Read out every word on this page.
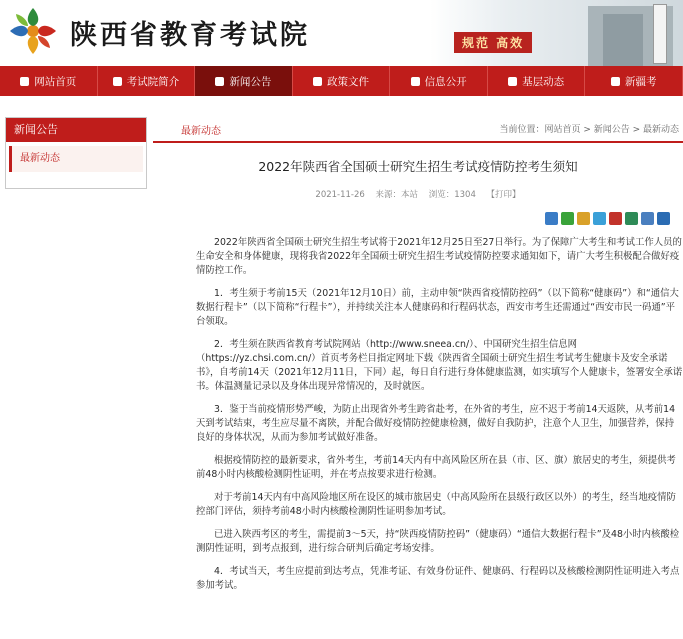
陕西省教育考试院	规范 高效
网站首页	考试院简介	新闻公告	政策文件	信息公开	基层动态	新疆考
新闻公告
最新动态
最新动态	当前位置：网站首页 > 新闻公告 > 最新动态
2022年陕西省全国硕士研究生招生考试疫情防控考生须知
2021-11-26 来源：本站 浏览：1304 【打印】

2022年陕西省全国硕士研究生招生考试将于2021年12月25日至27日举行。为了保障广大考生和考试工作人员的生命安全和身体健康，现将我省2022年全国硕士研究生招生考试疫情防控要求通知如下，请广大考生积极配合做好疫情防控工作。

1．考生须于考前15天（2021年12月10日）前，主动申领“陕西省疫情防控码”（以下简称“健康码”）和“通信大数据行程卡”（以下简称“行程卡”），并持续关注本人健康码和行程码状态，西安市考生还需通过“西安市民一码通”平台领取。

2．考生须在陕西省教育考试院网站（http://www.sneea.cn/）、中国研究生招生信息网（https://yz.chsi.com.cn/）首页考务栏目指定网址下载《陕西省全国硕士研究生招生考试考生健康卡及安全承诺书》，自考前14天（2021年12月11日，下同）起，每日自行进行身体健康监测，如实填写个人健康卡，签署安全承诺书。体温测量记录以及身体出现异常情况的，及时就医。

3．鉴于当前疫情形势严峻，为防止出现省外考生跨省赴考，在外省的考生，应不迟于考前14天返陕，从考前14天到考试结束，考生应尽量不离陕，并配合做好疫情防控健康检测，做好自我防护，注意个人卫生，加强营养，保持良好的身体状况，从而为参加考试做好准备。

根据疫情防控的最新要求，省外考生，考前14天内有中高风险区所在县（市、区、旗）旅居史的考生，须提供考前48小时内核酸检测阴性证明，并在考点按要求进行检测。

对于考前14天内有中高风险地区所在设区的城市旅居史（中高风险所在县级行政区以外）的考生，经当地疫情防控部门评估，须持考前48小时内核酸检测阴性证明参加考试。

已进入陕西考区的考生，需提前3～5天，持“陕西疫情防控码”（健康码）“通信大数据行程卡”及48小时内核酸检测阴性证明，到考点报到，进行综合研判后确定考场安排。

4．考试当天，考生应提前到达考点，凭准考证、有效身份证件、健康码、行程码以及核酸检测阴性证明进入考点参加考试。
